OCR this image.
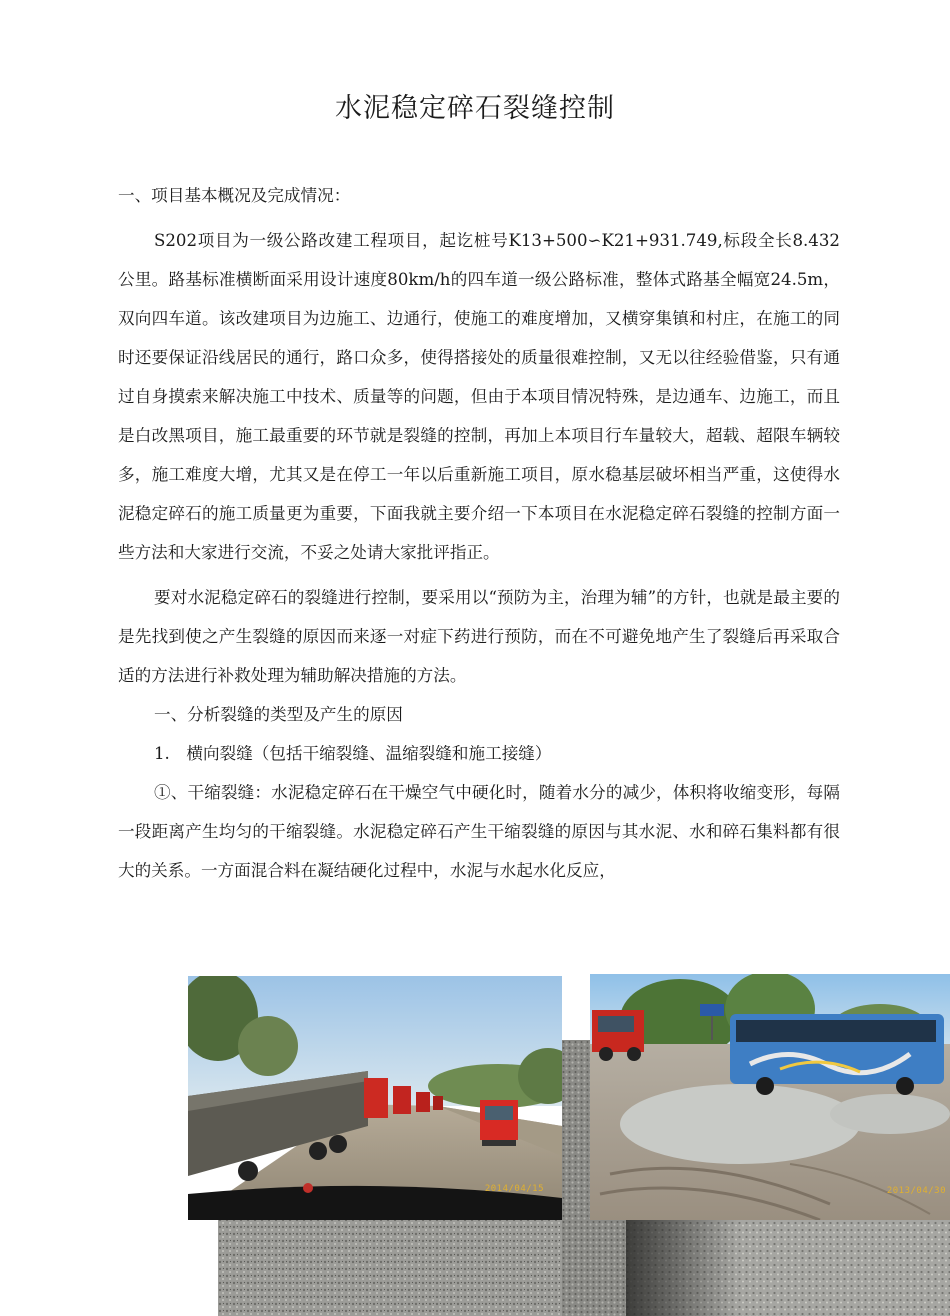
水泥稳定碎石裂缝控制

一、项目基本概况及完成情况：

S202项目为一级公路改建工程项目，起讫桩号K13+500∽K21+931.749,标段全长8.432公里。路基标准横断面采用设计速度80km/h的四车道一级公路标准，整体式路基全幅宽24.5m，双向四车道。该改建项目为边施工、边通行，使施工的难度增加，又横穿集镇和村庄，在施工的同时还要保证沿线居民的通行，路口众多，使得搭接处的质量很难控制，又无以往经验借鉴，只有通过自身摸索来解决施工中技术、质量等的问题，但由于本项目情况特殊，是边通车、边施工，而且是白改黑项目，施工最重要的环节就是裂缝的控制，再加上本项目行车量较大，超载、超限车辆较多，施工难度大增，尤其又是在停工一年以后重新施工项目，原水稳基层破坏相当严重，这使得水泥稳定碎石的施工质量更为重要，下面我就主要介绍一下本项目在水泥稳定碎石裂缝的控制方面一些方法和大家进行交流，不妥之处请大家批评指正。

要对水泥稳定碎石的裂缝进行控制，要采用以“预防为主，治理为辅”的方针，也就是最主要的是先找到使之产生裂缝的原因而来逐一对症下药进行预防，而在不可避免地产生了裂缝后再采取合适的方法进行补救处理为辅助解决措施的方法。

一、分析裂缝的类型及产生的原因

1.　横向裂缝（包括干缩裂缝、温缩裂缝和施工接缝）

①、干缩裂缝：水泥稳定碎石在干燥空气中硬化时，随着水分的减少，体积将收缩变形，每隔一段距离产生均匀的干缩裂缝。水泥稳定碎石产生干缩裂缝的原因与其水泥、水和碎石集料都有很大的关系。一方面混合料在凝结硬化过程中，水泥与水起水化反应，

2014/04/15	2013/04/30
